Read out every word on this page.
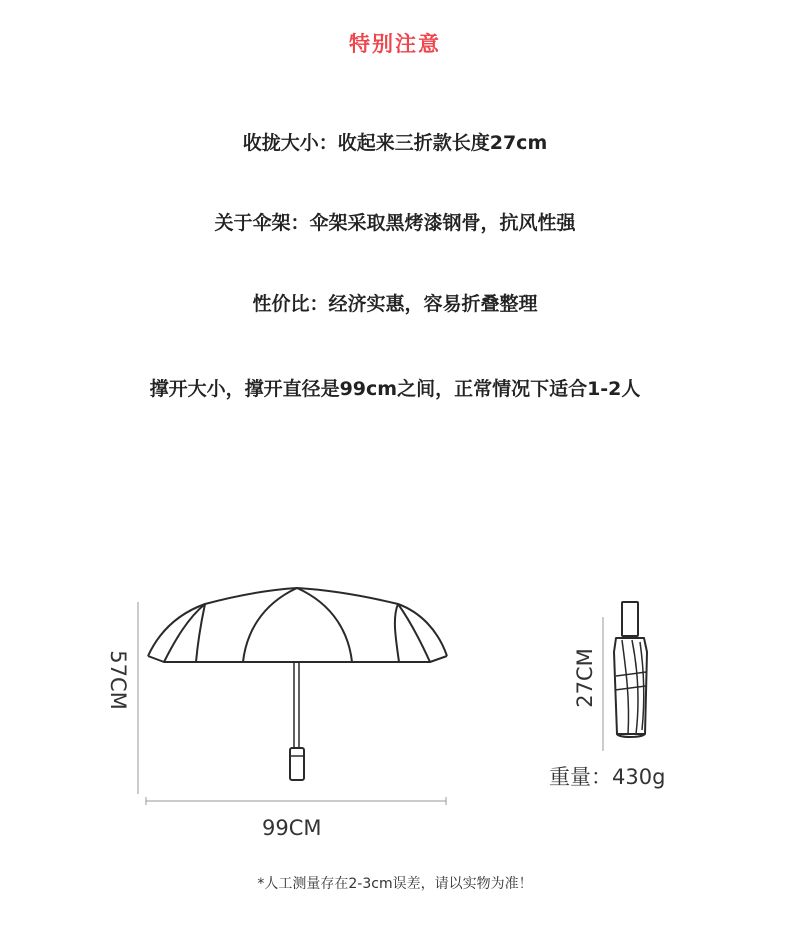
特别注意
收拢大小：收起来三折款长度27cm
关于伞架：伞架采取黑烤漆钢骨，抗风性强
性价比：经济实惠，容易折叠整理
撑开大小，撑开直径是99cm之间，正常情况下适合1-2人
57CM
99CM
27CM
重量：430g
*人工测量存在2-3cm误差，请以实物为准！
